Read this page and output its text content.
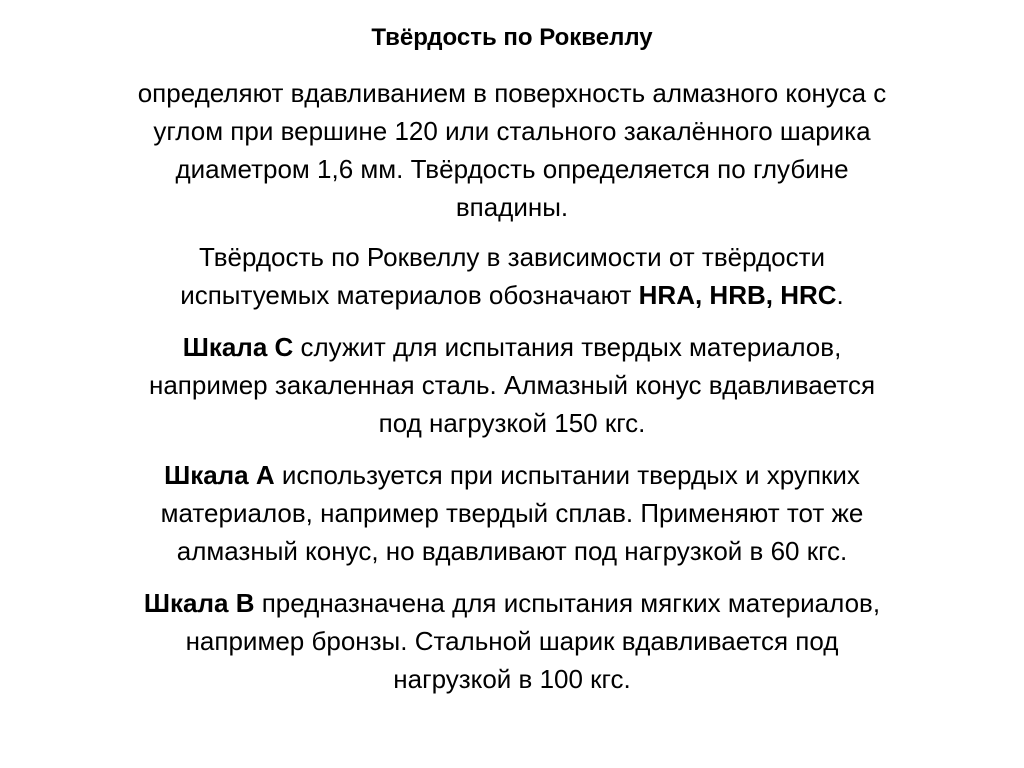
Твёрдость по Роквеллу
определяют вдавливанием в поверхность алмазного конуса с
углом при вершине 120 или стального закалённого шарика
диаметром 1,6 мм. Твёрдость определяется по глубине
впадины.
Твёрдость по Роквеллу в зависимости от твёрдости
испытуемых материалов обозначают HRA, HRB, HRC.
Шкала С служит для испытания твердых материалов,
например закаленная сталь. Алмазный конус вдавливается
под нагрузкой 150 кгс.
Шкала А используется при испытании твердых и хрупких
материалов, например твердый сплав. Применяют тот же
алмазный конус, но вдавливают под нагрузкой в 60 кгс.
Шкала В предназначена для испытания мягких материалов,
например бронзы. Стальной шарик вдавливается под
нагрузкой в 100 кгс.
